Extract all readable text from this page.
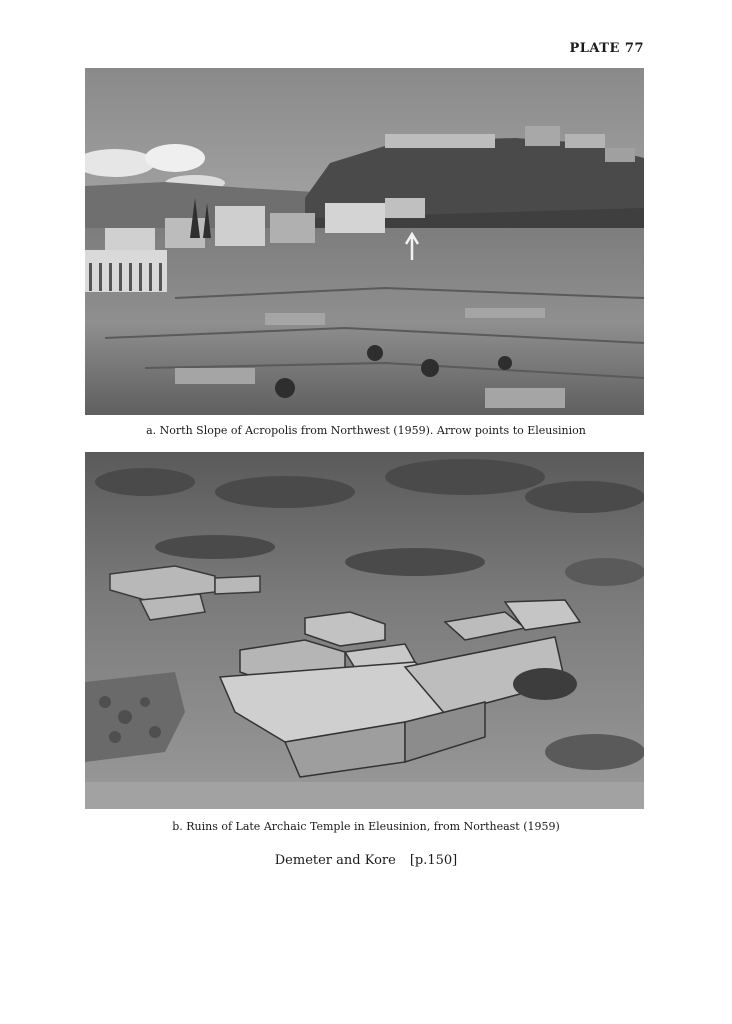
PLATE 77
a. North Slope of Acropolis from Northwest (1959). Arrow points to Eleusinion
b. Ruins of Late Archaic Temple in Eleusinion, from Northeast (1959)
Demeter and Kore [p.150]
